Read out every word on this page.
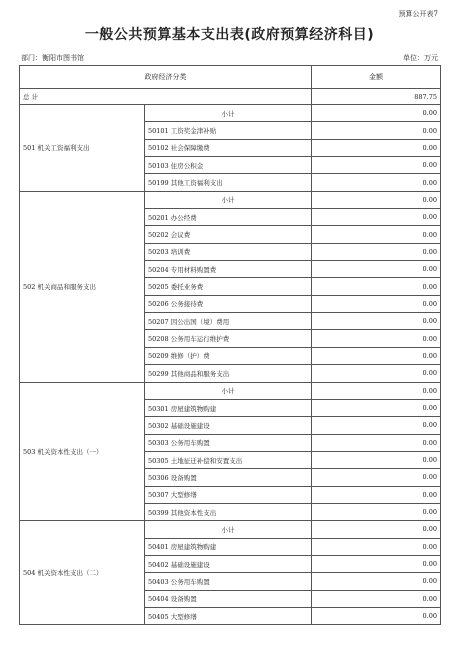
预算公开表7
一般公共预算基本支出表(政府预算经济科目)
部门：衡阳市图书馆	单位：万元
政府经济分类		金额
总 计		887.75
501 机关工资福利支出	小计	0.00
	50101 工资奖金津补贴	0.00
	50102 社会保障缴费	0.00
	50103 住房公积金	0.00
	50199 其他工资福利支出	0.00
502 机关商品和服务支出	小计	0.00
	50201 办公经费	0.00
	50202 会议费	0.00
	50203 培训费	0.00
	50204 专用材料购置费	0.00
	50205 委托业务费	0.00
	50206 公务接待费	0.00
	50207 因公出国（境）费用	0.00
	50208 公务用车运行维护费	0.00
	50209 维修（护）费	0.00
	50299 其他商品和服务支出	0.00
503 机关资本性支出（一）	小计	0.00
	50301 房屋建筑物购建	0.00
	50302 基础设施建设	0.00
	50303 公务用车购置	0.00
	50305 土地征迁补偿和安置支出	0.00
	50306 设备购置	0.00
	50307 大型修缮	0.00
	50399 其他资本性支出	0.00
504 机关资本性支出（二）	小计	0.00
	50401 房屋建筑物购建	0.00
	50402 基础设施建设	0.00
	50403 公务用车购置	0.00
	50404 设备购置	0.00
	50405 大型修缮	0.00
